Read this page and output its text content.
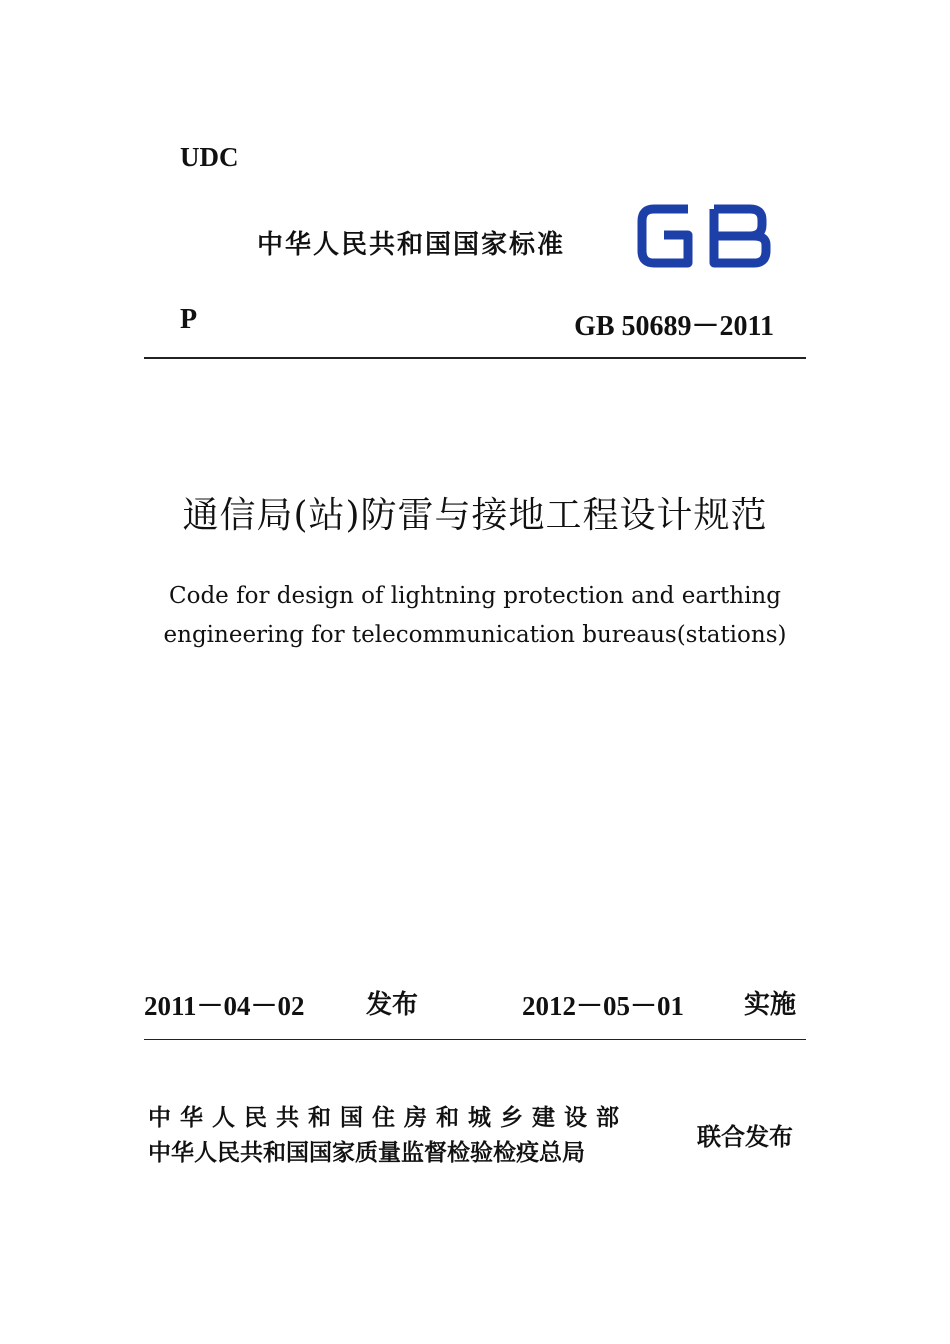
UDC
中华人民共和国国家标准
P	GB 50689－2011
通信局(站)防雷与接地工程设计规范
Code for design of lightning protection and earthing
engineering for telecommunication bureaus(stations)
2011－04－02 发布	2012－05－01 实施
中华人民共和国住房和城乡建设部
中华人民共和国国家质量监督检验检疫总局
联合发布
